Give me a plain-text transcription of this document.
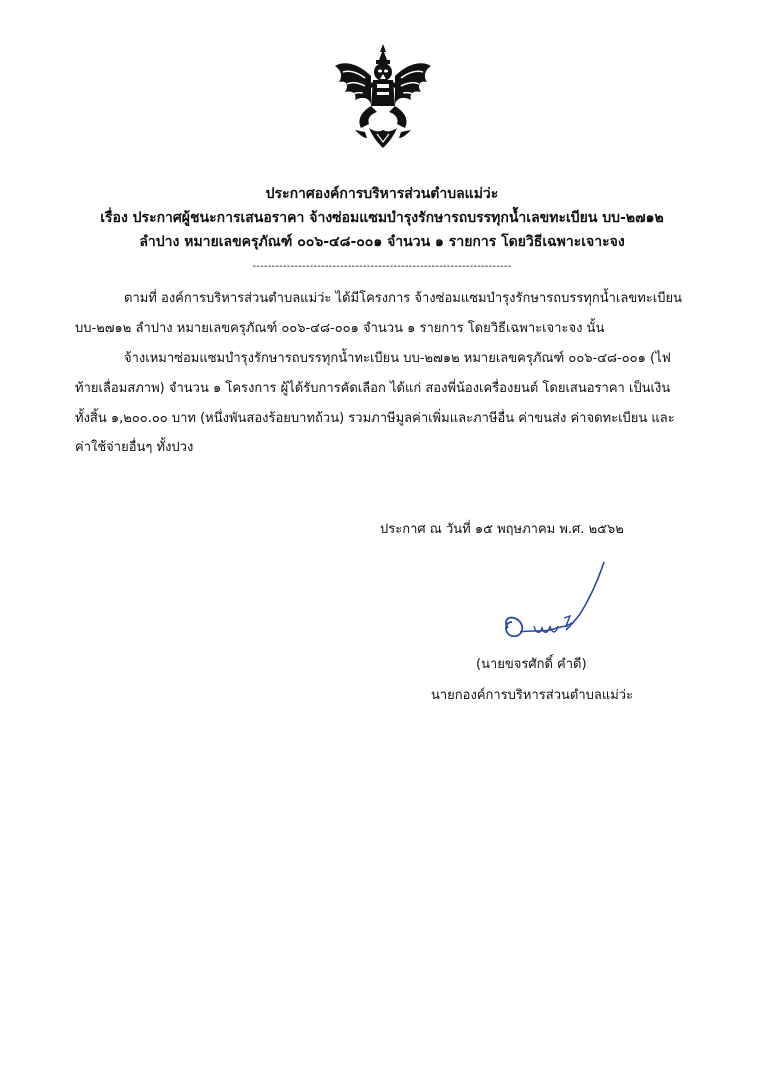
ประกาศองค์การบริหารส่วนตำบลแม่ว่ะ
เรื่อง ประกาศผู้ชนะการเสนอราคา จ้างซ่อมแซมบำรุงรักษารถบรรทุกน้ำเลขทะเบียน บบ-๒๗๑๒
ลำปาง หมายเลขครุภัณฑ์ ๐๐๖-๔๘-๐๐๑ จำนวน ๑ รายการ โดยวิธีเฉพาะเจาะจง
--------------------------------------------------------------------
ตามที่ องค์การบริหารส่วนตำบลแม่ว่ะ ได้มีโครงการ จ้างซ่อมแซมบำรุงรักษารถบรรทุกน้ำเลขทะเบียน
บบ-๒๗๑๒ ลำปาง หมายเลขครุภัณฑ์ ๐๐๖-๔๘-๐๐๑ จำนวน ๑ รายการ โดยวิธีเฉพาะเจาะจง นั้น
จ้างเหมาซ่อมแซมบำรุงรักษารถบรรทุกน้ำทะเบียน บบ-๒๗๑๒ หมายเลขครุภัณฑ์ ๐๐๖-๔๘-๐๐๑ (ไฟ
ท้ายเลื่อมสภาพ) จำนวน ๑ โครงการ ผู้ได้รับการคัดเลือก ได้แก่ สองพี่น้องเครื่องยนต์ โดยเสนอราคา เป็นเงิน
ทั้งสิ้น ๑,๒๐๐.๐๐ บาท (หนึ่งพันสองร้อยบาทถ้วน) รวมภาษีมูลค่าเพิ่มและภาษีอื่น ค่าขนส่ง ค่าจดทะเบียน และ
ค่าใช้จ่ายอื่นๆ ทั้งปวง
ประกาศ ณ วันที่ ๑๕ พฤษภาคม พ.ศ. ๒๕๖๒
(นายขจรศักดิ์ คำดี)
นายกองค์การบริหารส่วนตำบลแม่ว่ะ
